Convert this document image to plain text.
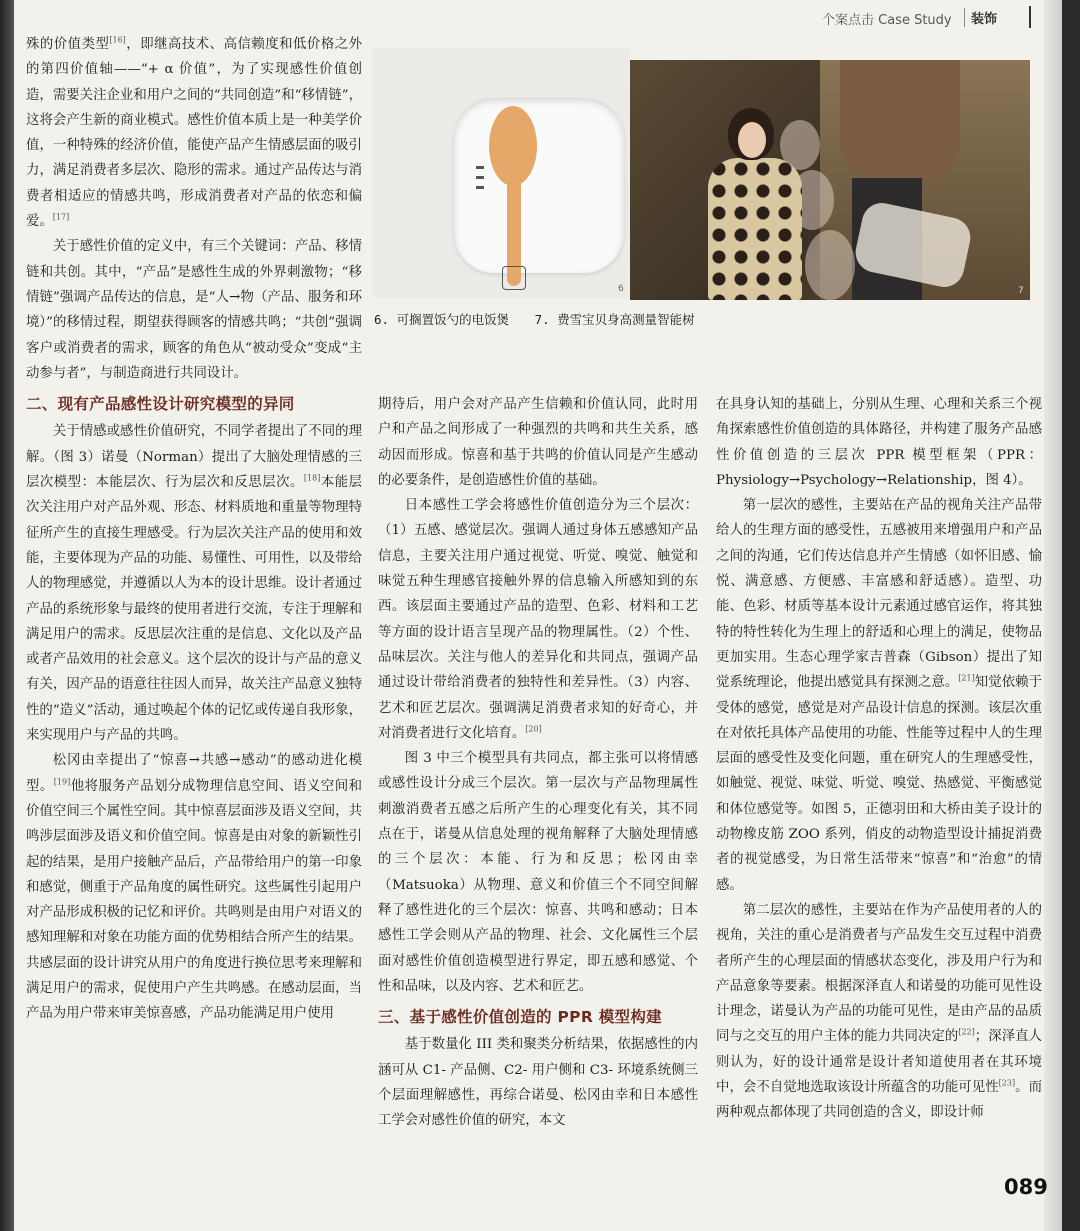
个案点击 Case Study	装饰
6	7
6. 可搁置饭勺的电饭煲 7. 费雪宝贝身高测量智能树

殊的价值类型[16]，即继高技术、高信赖度和低价格之外的第四价值轴——“+ α 价值”，为了实现感性价值创造，需要关注企业和用户之间的“共同创造”和“移情链”，这将会产生新的商业模式。感性价值本质上是一种美学价值，一种特殊的经济价值，能使产品产生情感层面的吸引力，满足消费者多层次、隐形的需求。通过产品传达与消费者相适应的情感共鸣，形成消费者对产品的依恋和偏爱。[17]

关于感性价值的定义中，有三个关键词：产品、移情链和共创。其中，“产品”是感性生成的外界刺激物；“移情链”强调产品传达的信息，是“人→物（产品、服务和环境）”的移情过程，期望获得顾客的情感共鸣；“共创”强调客户或消费者的需求，顾客的角色从“被动受众”变成“主动参与者”，与制造商进行共同设计。

二、现有产品感性设计研究模型的异同

关于情感或感性价值研究，不同学者提出了不同的理解。（图 3）诺曼（Norman）提出了大脑处理情感的三层次模型：本能层次、行为层次和反思层次。[18]本能层次关注用户对产品外观、形态、材料质地和重量等物理特征所产生的直接生理感受。行为层次关注产品的使用和效能，主要体现为产品的功能、易懂性、可用性，以及带给人的物理感觉，并遵循以人为本的设计思维。设计者通过产品的系统形象与最终的使用者进行交流，专注于理解和满足用户的需求。反思层次注重的是信息、文化以及产品或者产品效用的社会意义。这个层次的设计与产品的意义有关，因产品的语意往往因人而异，故关注产品意义独特性的“造义”活动，通过唤起个体的记忆或传递自我形象，来实现用户与产品的共鸣。

松冈由幸提出了“惊喜→共感→感动”的感动进化模型。[19]他将服务产品划分成物理信息空间、语义空间和价值空间三个属性空间。其中惊喜层面涉及语义空间，共鸣涉层面涉及语义和价值空间。惊喜是由对象的新颖性引起的结果，是用户接触产品后，产品带给用户的第一印象和感觉，侧重于产品角度的属性研究。这些属性引起用户对产品形成积极的记忆和评价。共鸣则是由用户对语义的感知理解和对象在功能方面的优势相结合所产生的结果。共感层面的设计讲究从用户的角度进行换位思考来理解和满足用户的需求，促使用户产生共鸣感。在感动层面，当产品为用户带来审美惊喜感，产品功能满足用户使用

期待后，用户会对产品产生信赖和价值认同，此时用户和产品之间形成了一种强烈的共鸣和共生关系，感动因而形成。惊喜和基于共鸣的价值认同是产生感动的必要条件，是创造感性价值的基础。

日本感性工学会将感性价值创造分为三个层次：（1）五感、感觉层次。强调人通过身体五感感知产品信息，主要关注用户通过视觉、听觉、嗅觉、触觉和味觉五种生理感官接触外界的信息输入所感知到的东西。该层面主要通过产品的造型、色彩、材料和工艺等方面的设计语言呈现产品的物理属性。（2）个性、品味层次。关注与他人的差异化和共同点，强调产品通过设计带给消费者的独特性和差异性。（3）内容、艺术和匠艺层次。强调满足消费者求知的好奇心，并对消费者进行文化培育。[20]

图 3 中三个模型具有共同点，都主张可以将情感或感性设计分成三个层次。第一层次与产品物理属性刺激消费者五感之后所产生的心理变化有关，其不同点在于，诺曼从信息处理的视角解释了大脑处理情感的三个层次：本能、行为和反思；松冈由幸（Matsuoka）从物理、意义和价值三个不同空间解释了感性进化的三个层次：惊喜、共鸣和感动；日本感性工学会则从产品的物理、社会、文化属性三个层面对感性价值创造模型进行界定，即五感和感觉、个性和品味，以及内容、艺术和匠艺。

三、基于感性价值创造的 PPR 模型构建

基于数量化 III 类和聚类分析结果，依据感性的内涵可从 C1- 产品侧、C2- 用户侧和 C3- 环境系统侧三个层面理解感性，再综合诺曼、松冈由幸和日本感性工学会对感性价值的研究，本文

在具身认知的基础上，分别从生理、心理和关系三个视角探索感性价值创造的具体路径，并构建了服务产品感性价值创造的三层次 PPR 模型框架（PPR：Physiology→Psychology→Relationship，图 4）。

第一层次的感性，主要站在产品的视角关注产品带给人的生理方面的感受性，五感被用来增强用户和产品之间的沟通，它们传达信息并产生情感（如怀旧感、愉悦、满意感、方便感、丰富感和舒适感）。造型、功能、色彩、材质等基本设计元素通过感官运作，将其独特的特性转化为生理上的舒适和心理上的满足，使物品更加实用。生态心理学家吉普森（Gibson）提出了知觉系统理论，他提出感觉具有探测之意。[21]知觉依赖于受体的感觉，感觉是对产品设计信息的探测。该层次重在对依托具体产品使用的功能、性能等过程中人的生理层面的感受性及变化问题，重在研究人的生理感受性，如触觉、视觉、味觉、听觉、嗅觉、热感觉、平衡感觉和体位感觉等。如图 5，正德羽田和大桥由美子设计的动物橡皮筋 ZOO 系列，俏皮的动物造型设计捕捉消费者的视觉感受，为日常生活带来“惊喜”和“治愈”的情感。

第二层次的感性，主要站在作为产品使用者的人的视角，关注的重心是消费者与产品发生交互过程中消费者所产生的心理层面的情感状态变化，涉及用户行为和产品意象等要素。根据深泽直人和诺曼的功能可见性设计理念，诺曼认为产品的功能可见性，是由产品的品质同与之交互的用户主体的能力共同决定的[22]；深泽直人则认为，好的设计通常是设计者知道使用者在其环境中，会不自觉地选取该设计所蕴含的功能可见性[23]。而两种观点都体现了共同创造的含义，即设计师

089
